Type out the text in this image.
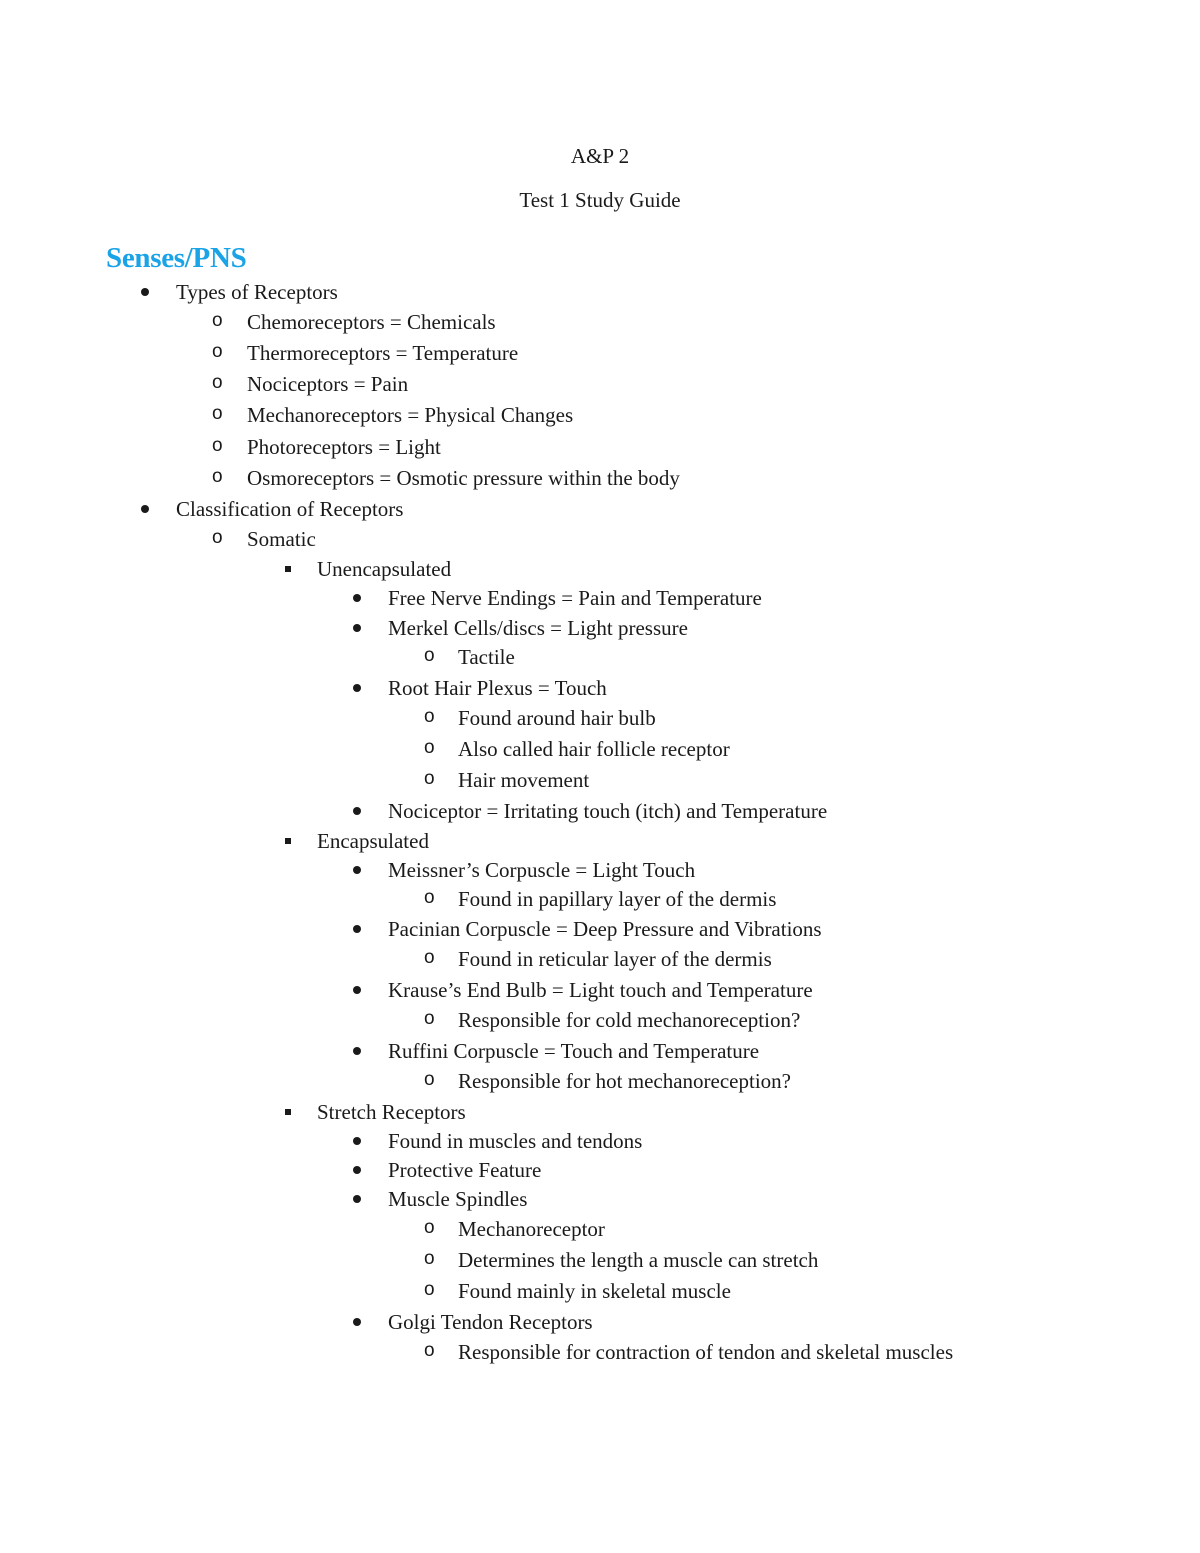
A&P 2
Test 1 Study Guide
Senses/PNS
Types of Receptors
o Chemoreceptors = Chemicals
o Thermoreceptors = Temperature
o Nociceptors = Pain
o Mechanoreceptors = Physical Changes
o Photoreceptors = Light
o Osmoreceptors = Osmotic pressure within the body
Classification of Receptors
o Somatic
Unencapsulated
Free Nerve Endings = Pain and Temperature
Merkel Cells/discs = Light pressure
o Tactile
Root Hair Plexus = Touch
o Found around hair bulb
o Also called hair follicle receptor
o Hair movement
Nociceptor = Irritating touch (itch) and Temperature
Encapsulated
Meissner’s Corpuscle = Light Touch
o Found in papillary layer of the dermis
Pacinian Corpuscle = Deep Pressure and Vibrations
o Found in reticular layer of the dermis
Krause’s End Bulb = Light touch and Temperature
o Responsible for cold mechanoreception?
Ruffini Corpuscle = Touch and Temperature
o Responsible for hot mechanoreception?
Stretch Receptors
Found in muscles and tendons
Protective Feature
Muscle Spindles
o Mechanoreceptor
o Determines the length a muscle can stretch
o Found mainly in skeletal muscle
Golgi Tendon Receptors
o Responsible for contraction of tendon and skeletal muscles
